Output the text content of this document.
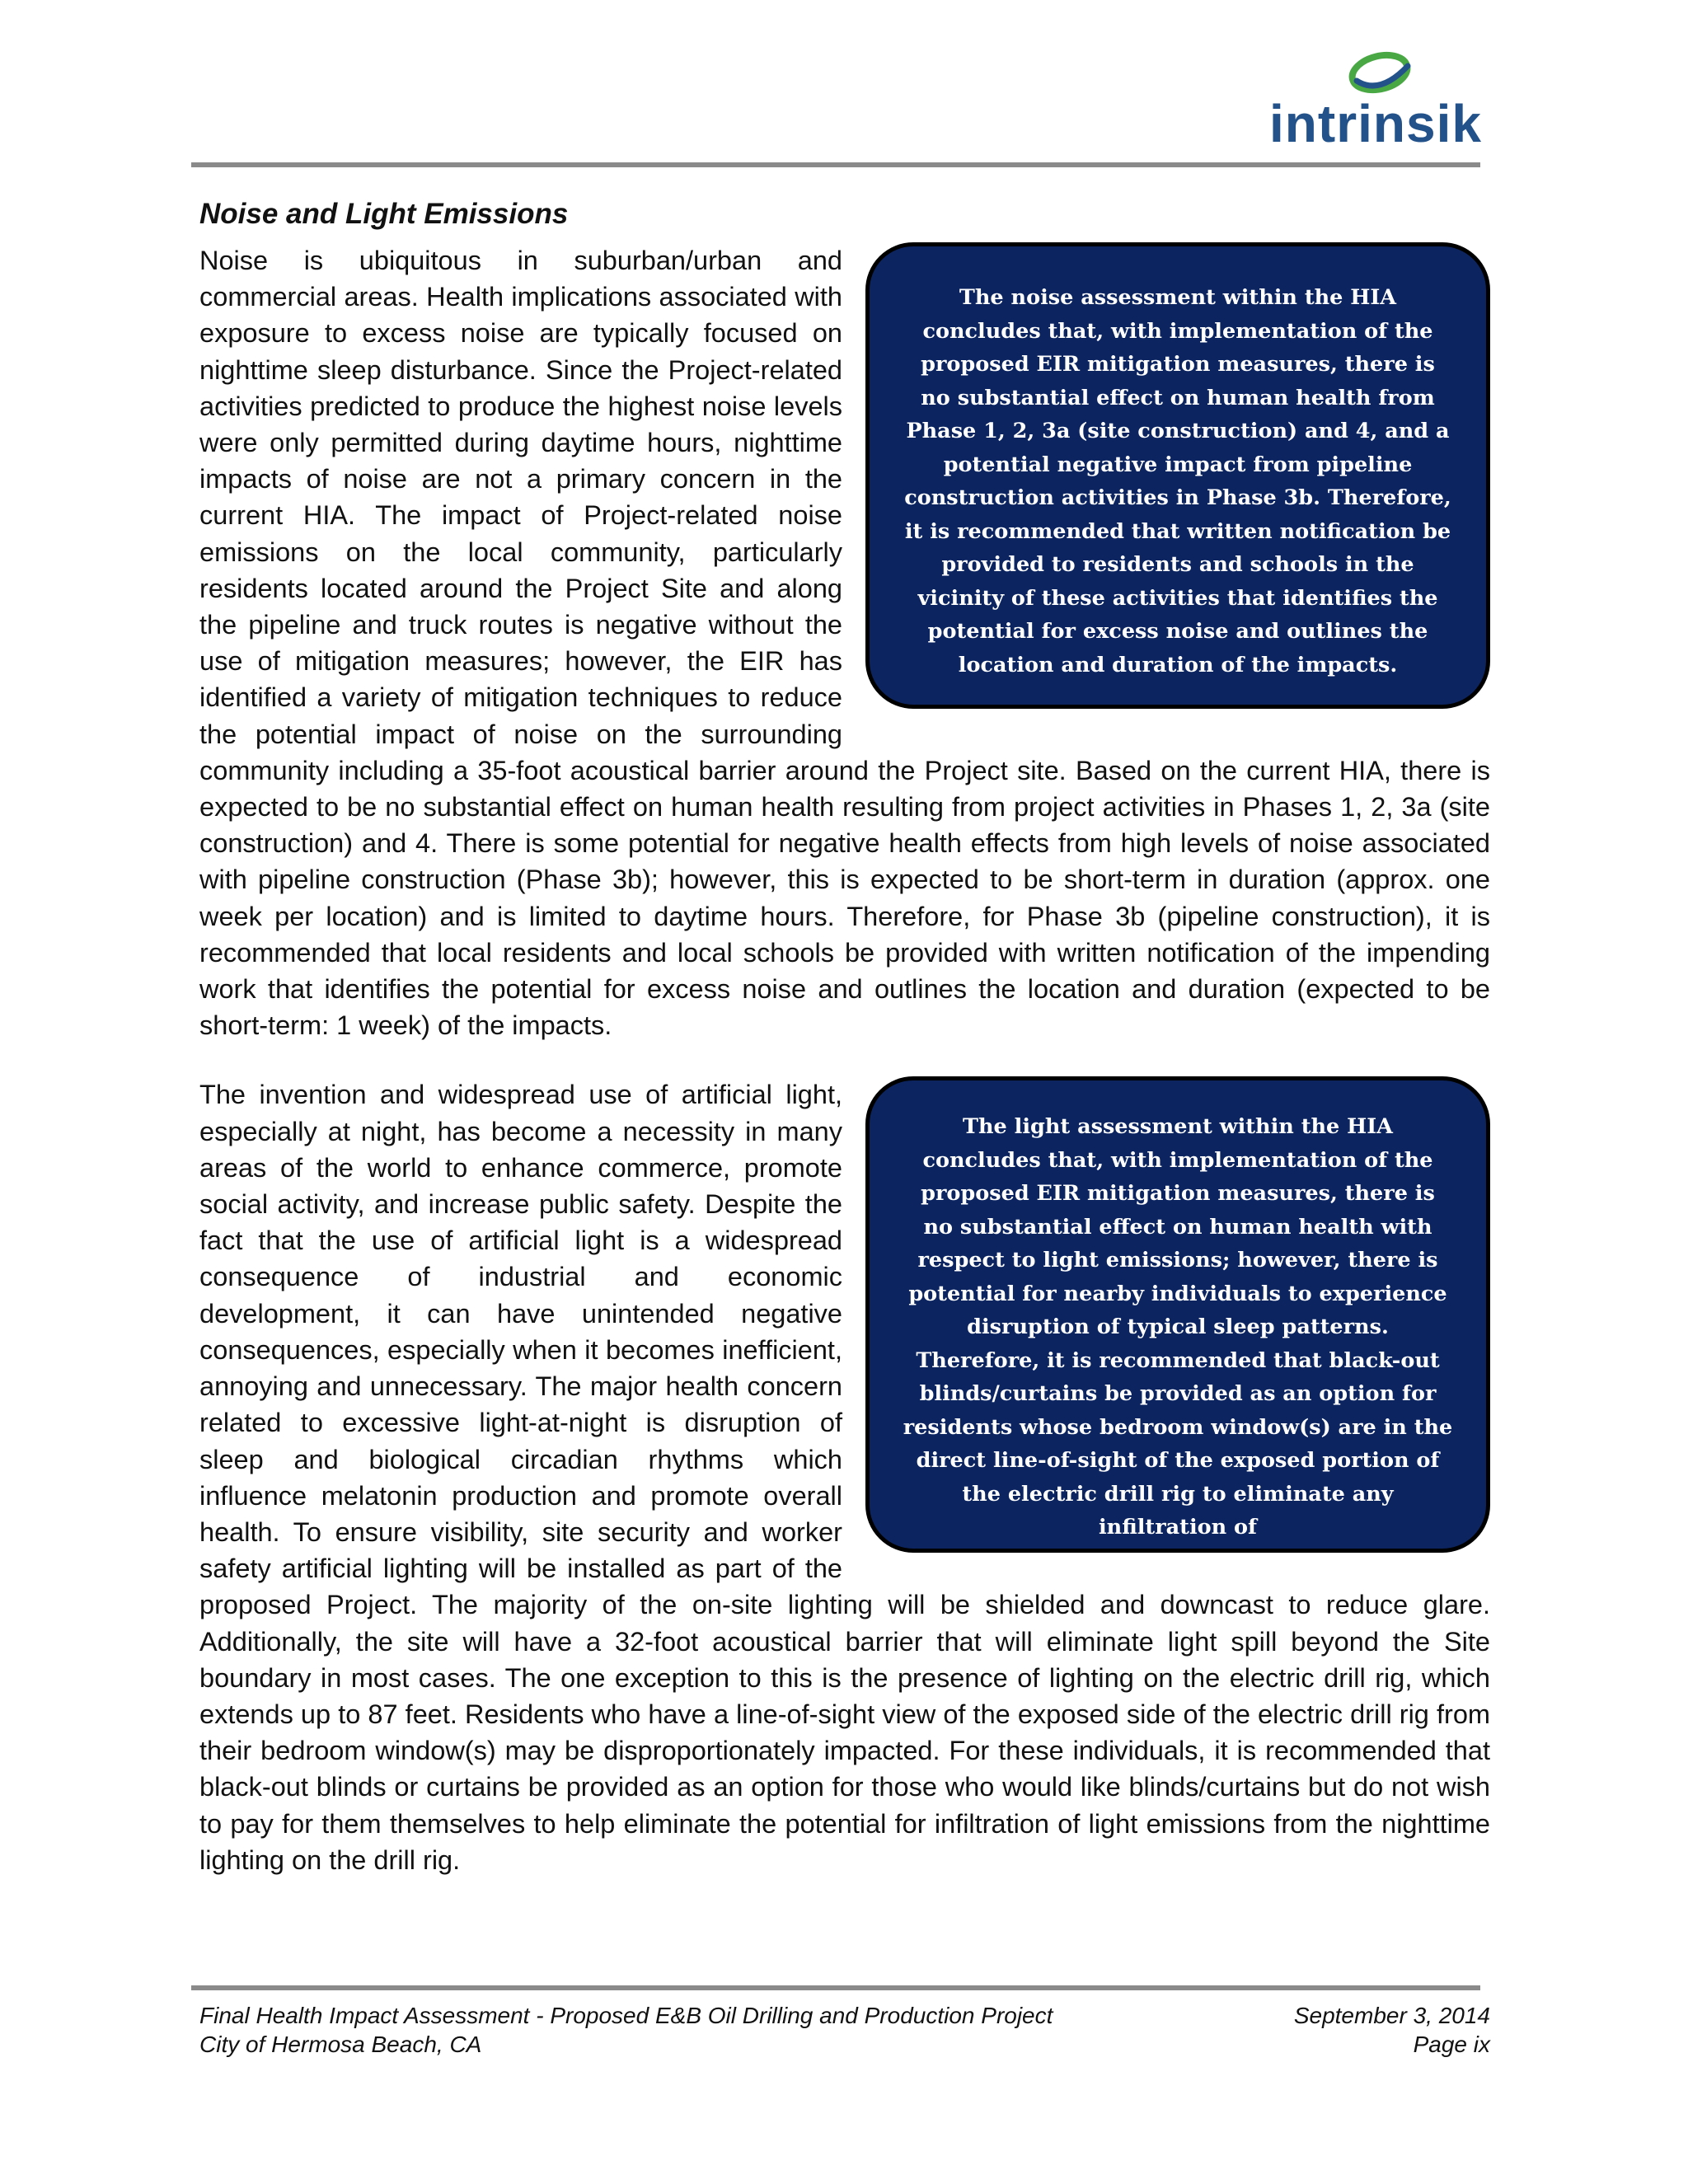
intrinsik
Noise and Light Emissions

The noise assessment within the HIA concludes that, with implementation of the proposed EIR mitigation measures, there is no substantial effect on human health from Phase 1, 2, 3a (site construction) and 4, and a potential negative impact from pipeline construction activities in Phase 3b. Therefore, it is recommended that written notification be provided to residents and schools in the vicinity of these activities that identifies the potential for excess noise and outlines the location and duration of the impacts.
Noise is ubiquitous in suburban/urban and commercial areas. Health implications associated with exposure to excess noise are typically focused on nighttime sleep disturbance. Since the Project-related activities predicted to produce the highest noise levels were only permitted during daytime hours, nighttime impacts of noise are not a primary concern in the current HIA. The impact of Project-related noise emissions on the local community, particularly residents located around the Project Site and along the pipeline and truck routes is negative without the use of mitigation measures; however, the EIR has identified a variety of mitigation techniques to reduce the potential impact of noise on the surrounding community including a 35-foot acoustical barrier around the Project site. Based on the current HIA, there is expected to be no substantial effect on human health resulting from project activities in Phases 1, 2, 3a (site construction) and 4. There is some potential for negative health effects from high levels of noise associated with pipeline construction (Phase 3b); however, this is expected to be short-term in duration (approx. one week per location) and is limited to daytime hours. Therefore, for Phase 3b (pipeline construction), it is recommended that local residents and local schools be provided with written notification of the impending work that identifies the potential for excess noise and outlines the location and duration (expected to be short-term: 1 week) of the impacts.

The light assessment within the HIA concludes that, with implementation of the proposed EIR mitigation measures, there is no substantial effect on human health with respect to light emissions; however, there is potential for nearby individuals to experience disruption of typical sleep patterns. Therefore, it is recommended that black-out blinds/curtains be provided as an option for residents whose bedroom window(s) are in the direct line-of-sight of the exposed portion of the electric drill rig to eliminate any infiltration of
The invention and widespread use of artificial light, especially at night, has become a necessity in many areas of the world to enhance commerce, promote social activity, and increase public safety. Despite the fact that the use of artificial light is a widespread consequence of industrial and economic development, it can have unintended negative consequences, especially when it becomes inefficient, annoying and unnecessary. The major health concern related to excessive light-at-night is disruption of sleep and biological circadian rhythms which influence melatonin production and promote overall health. To ensure visibility, site security and worker safety artificial lighting will be installed as part of the proposed Project. The majority of the on-site lighting will be shielded and downcast to reduce glare. Additionally, the site will have a 32-foot acoustical barrier that will eliminate light spill beyond the Site boundary in most cases. The one exception to this is the presence of lighting on the electric drill rig, which extends up to 87 feet. Residents who have a line-of-sight view of the exposed side of the electric drill rig from their bedroom window(s) may be disproportionately impacted. For these individuals, it is recommended that black-out blinds or curtains be provided as an option for those who would like blinds/curtains but do not wish to pay for them themselves to help eliminate the potential for infiltration of light emissions from the nighttime lighting on the drill rig.

Final Health Impact Assessment - Proposed E&B Oil Drilling and Production Project	September 3, 2014
City of Hermosa Beach, CA	Page ix
